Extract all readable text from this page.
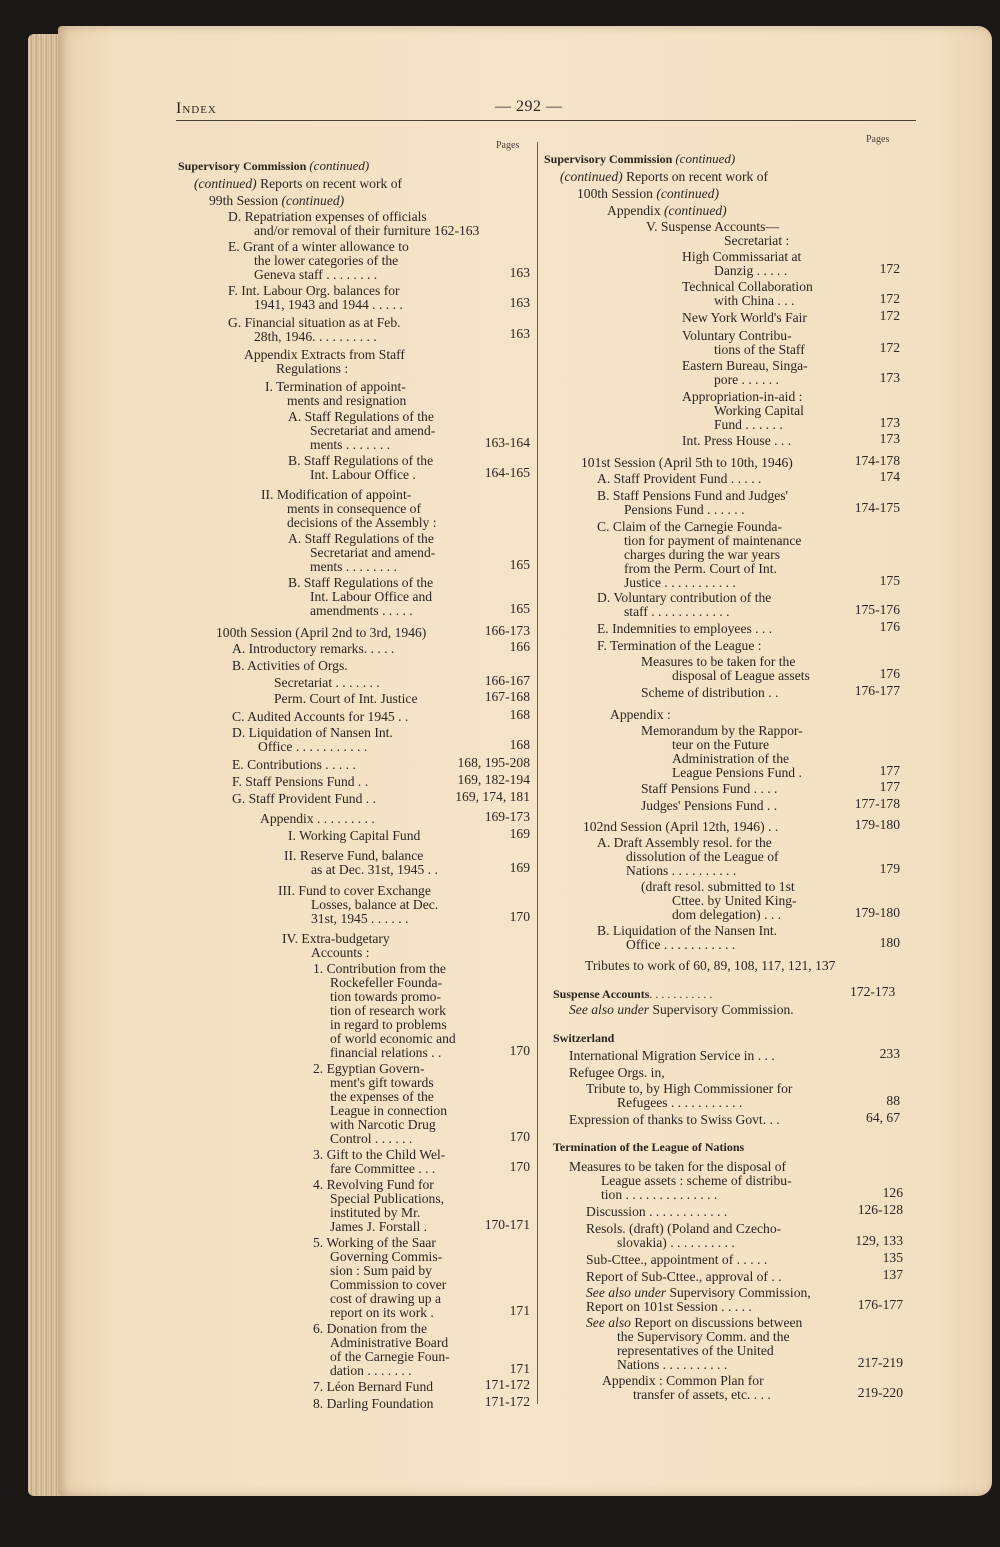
Index	— 292 —
Pages
Pages
Supervisory Commission (continued)	Supervisory Commission (continued)
(continued) Reports on recent work of
99th Session (continued)
D. Repatriation expenses of officials
and/or removal of their furniture 162-163
E. Grant of a winter allowance to
the lower categories of the
Geneva staff . . . . . . . .	163
F. Int. Labour Org. balances for
1941, 1943 and 1944 . . . . .	163
G. Financial situation as at Feb.
28th, 1946. . . . . . . . . .	163
Appendix Extracts from Staff
Regulations :
I. Termination of appoint-
ments and resignation
A. Staff Regulations of the
Secretariat and amend-
ments . . . . . . .	163-164
B. Staff Regulations of the
Int. Labour Office .	164-165
II. Modification of appoint-
ments in consequence of
decisions of the Assembly :
A. Staff Regulations of the
Secretariat and amend-
ments . . . . . . . .	165
B. Staff Regulations of the
Int. Labour Office and
amendments . . . . .	165
100th Session (April 2nd to 3rd, 1946)	166-173
A. Introductory remarks. . . . .	166
B. Activities of Orgs.
Secretariat . . . . . . .	166-167
Perm. Court of Int. Justice	167-168
C. Audited Accounts for 1945 . .	168
D. Liquidation of Nansen Int.
Office . . . . . . . . . . .	168
E. Contributions . . . . .	168, 195-208
F. Staff Pensions Fund . .	169, 182-194
G. Staff Provident Fund . .	169, 174, 181
Appendix . . . . . . . . .	169-173
I. Working Capital Fund	169
II. Reserve Fund, balance
as at Dec. 31st, 1945 . .	169
III. Fund to cover Exchange
Losses, balance at Dec.
31st, 1945 . . . . . .	170
IV. Extra-budgetary
Accounts :
1. Contribution from the
Rockefeller Founda-
tion towards promo-
tion of research work
in regard to problems
of world economic and
financial relations . .	170
2. Egyptian Govern-
ment's gift towards
the expenses of the
League in connection
with Narcotic Drug
Control . . . . . .	170
3. Gift to the Child Wel-
fare Committee . . .	170
4. Revolving Fund for
Special Publications,
instituted by Mr.
James J. Forstall .	170-171
5. Working of the Saar
Governing Commis-
sion : Sum paid by
Commission to cover
cost of drawing up a
report on its work .	171
6. Donation from the
Administrative Board
of the Carnegie Foun-
dation . . . . . . .	171
7. Léon Bernard Fund	171-172
8. Darling Foundation	171-172
(continued) Reports on recent work of
100th Session (continued)
Appendix (continued)
V. Suspense Accounts—
Secretariat :
High Commissariat at
Danzig . . . . .	172
Technical Collaboration
with China . . .	172
New York World's Fair	172
Voluntary Contribu-
tions of the Staff	172
Eastern Bureau, Singa-
pore . . . . . .	173
Appropriation-in-aid :
Working Capital
Fund . . . . . .	173
Int. Press House . . .	173
101st Session (April 5th to 10th, 1946)	174-178
A. Staff Provident Fund . . . . .	174
B. Staff Pensions Fund and Judges'
Pensions Fund . . . . . .	174-175
C. Claim of the Carnegie Founda-
tion for payment of maintenance
charges during the war years
from the Perm. Court of Int.
Justice . . . . . . . . . . .	175
D. Voluntary contribution of the
staff . . . . . . . . . . . .	175-176
E. Indemnities to employees . . .	176
F. Termination of the League :
Measures to be taken for the
disposal of League assets	176
Scheme of distribution . .	176-177
Appendix :
Memorandum by the Rappor-
teur on the Future
Administration of the
League Pensions Fund .	177
Staff Pensions Fund . . . .	177
Judges' Pensions Fund . .	177-178
102nd Session (April 12th, 1946) . .	179-180
A. Draft Assembly resol. for the
dissolution of the League of
Nations . . . . . . . . . .	179
(draft resol. submitted to 1st
Cttee. by United King-
dom delegation) . . .	179-180
B. Liquidation of the Nansen Int.
Office . . . . . . . . . . .	180
Tributes to work of 60, 89, 108, 117, 121, 137
Suspense Accounts. . . . . . . . . . .	172-173
See also under Supervisory Commission.
Switzerland
International Migration Service in . . .	233
Refugee Orgs. in,
Tribute to, by High Commissioner for
Refugees . . . . . . . . . . .	88
Expression of thanks to Swiss Govt. . .	64, 67
Termination of the League of Nations
Measures to be taken for the disposal of
League assets : scheme of distribu-
tion . . . . . . . . . . . . . .	126
Discussion . . . . . . . . . . . .	126-128
Resols. (draft) (Poland and Czecho-
slovakia) . . . . . . . . . .	129, 133
Sub-Cttee., appointment of . . . . .	135
Report of Sub-Cttee., approval of . .	137
See also under Supervisory Commission,
Report on 101st Session . . . . .	176-177
See also Report on discussions between
the Supervisory Comm. and the
representatives of the United
Nations . . . . . . . . . .	217-219
Appendix : Common Plan for
transfer of assets, etc. . . .	219-220
